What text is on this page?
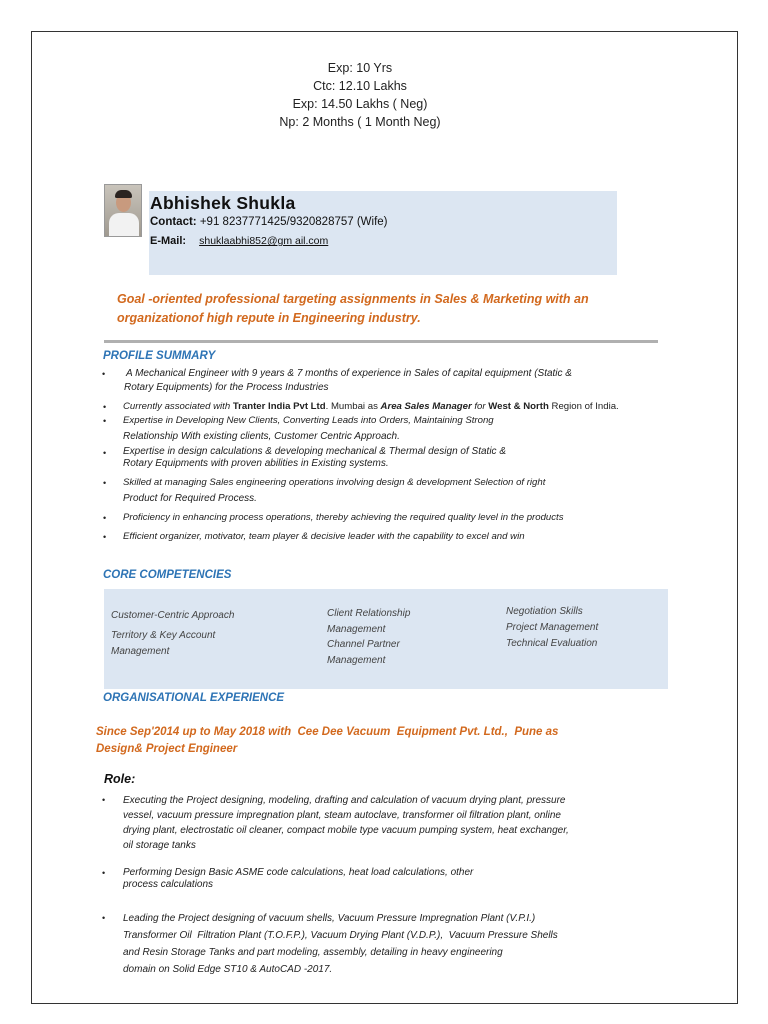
Exp: 10 Yrs
Ctc: 12.10 Lakhs
Exp: 14.50 Lakhs ( Neg)
Np: 2 Months ( 1 Month Neg)
Abhishek Shukla
Contact: +91 8237771425/9320828757 (Wife)
E-Mail: shuklaabhi852@gm ail.com
Goal -oriented professional targeting assignments in Sales & Marketing with an
organizationof high repute in Engineering industry.
PROFILE SUMMARY
• A Mechanical Engineer with 9 years & 7 months of experience in Sales of capital equipment (Static &
Rotary Equipments) for the Process Industries
• Currently associated with Tranter India Pvt Ltd. Mumbai as Area Sales Manager for West & North Region of India.
• Expertise in Developing New Clients, Converting Leads into Orders, Maintaining Strong
Relationship With existing clients, Customer Centric Approach.
• Expertise in design calculations & developing mechanical & Thermal design of Static &
Rotary Equipments with proven abilities in Existing systems.
• Skilled at managing Sales engineering operations involving design & development Selection of right
Product for Required Process.
• Proficiency in enhancing process operations, thereby achieving the required quality level in the products
• Efficient organizer, motivator, team player & decisive leader with the capability to excel and win
CORE COMPETENCIES
Customer-Centric Approach
Territory & Key Account
Management
Client Relationship
Management
Channel Partner
Management
Negotiation Skills
Project Management
Technical Evaluation
ORGANISATIONAL EXPERIENCE
Since Sep'2014 up to May 2018 with  Cee Dee Vacuum  Equipment Pvt. Ltd.,  Pune as
Design& Project Engineer
Role:
• Executing the Project designing, modeling, drafting and calculation of vacuum drying plant, pressure
vessel, vacuum pressure impregnation plant, steam autoclave, transformer oil filtration plant, online
drying plant, electrostatic oil cleaner, compact mobile type vacuum pumping system, heat exchanger,
oil storage tanks
• Performing Design Basic ASME code calculations, heat load calculations, other
process calculations
• Leading the Project designing of vacuum shells, Vacuum Pressure Impregnation Plant (V.P.I.)
Transformer Oil  Filtration Plant (T.O.F.P.), Vacuum Drying Plant (V.D.P.),  Vacuum Pressure Shells
and Resin Storage Tanks and part modeling, assembly, detailing in heavy engineering
domain on Solid Edge ST10 & AutoCAD -2017.
